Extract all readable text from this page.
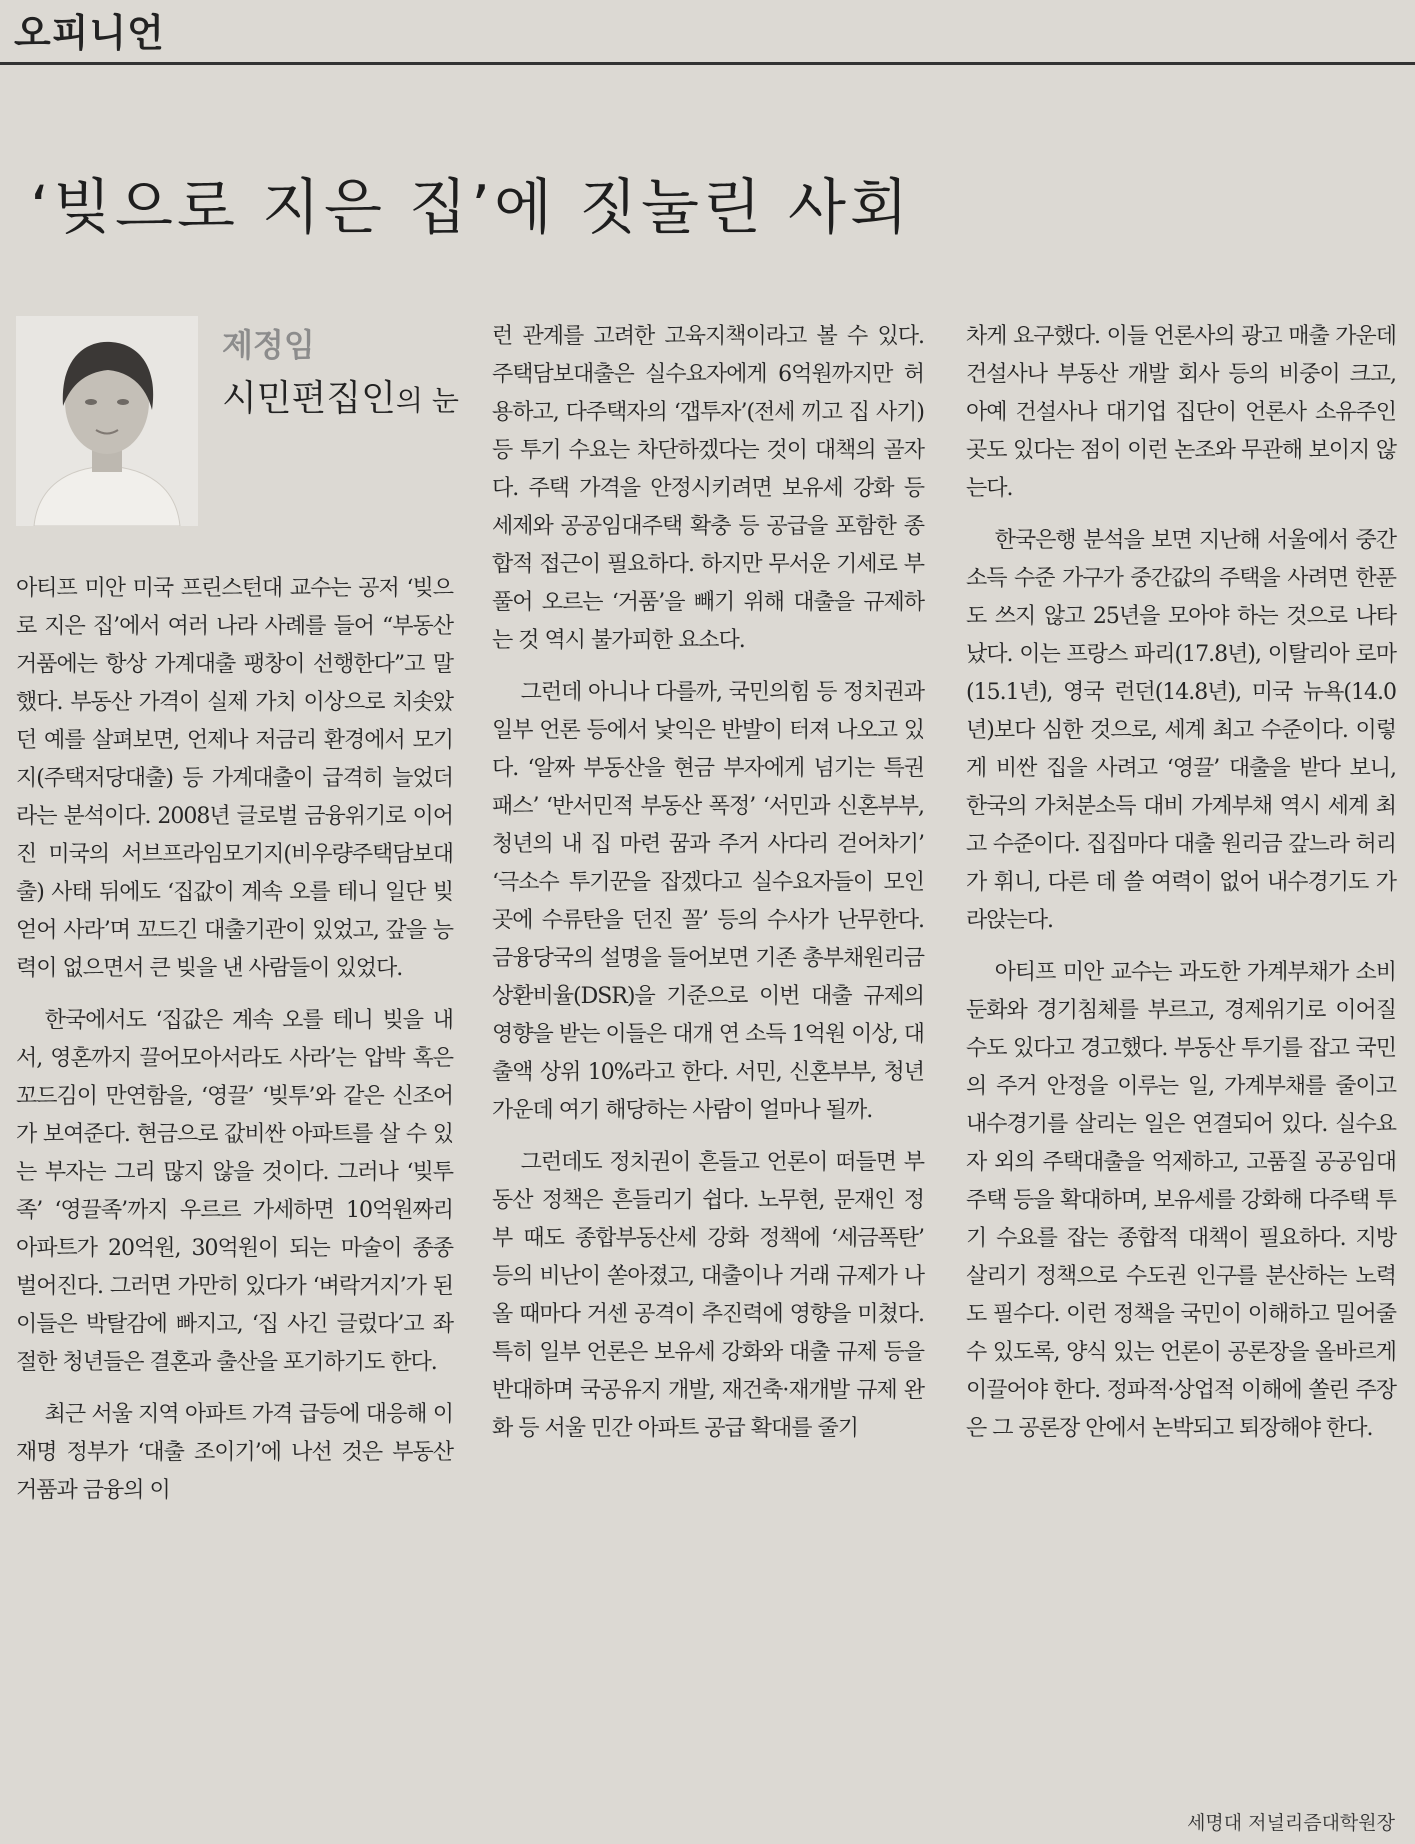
오피니언
‘빚으로 지은 집’에 짓눌린 사회
제정임
시민편집인의 눈

아티프 미안 미국 프린스턴대 교수는 공저 ‘빚으로 지은 집’에서 여러 나라 사례를 들어 “부동산 거품에는 항상 가계대출 팽창이 선행한다”고 말했다. 부동산 가격이 실제 가치 이상으로 치솟았던 예를 살펴보면, 언제나 저금리 환경에서 모기지(주택저당대출) 등 가계대출이 급격히 늘었더라는 분석이다. 2008년 글로벌 금융위기로 이어진 미국의 서브프라임모기지(비우량주택담보대출) 사태 뒤에도 ‘집값이 계속 오를 테니 일단 빚 얻어 사라’며 꼬드긴 대출기관이 있었고, 갚을 능력이 없으면서 큰 빚을 낸 사람들이 있었다.

한국에서도 ‘집값은 계속 오를 테니 빚을 내서, 영혼까지 끌어모아서라도 사라’는 압박 혹은 꼬드김이 만연함을, ‘영끌’ ‘빚투’와 같은 신조어가 보여준다. 현금으로 값비싼 아파트를 살 수 있는 부자는 그리 많지 않을 것이다. 그러나 ‘빚투족’ ‘영끌족’까지 우르르 가세하면 10억원짜리 아파트가 20억원, 30억원이 되는 마술이 종종 벌어진다. 그러면 가만히 있다가 ‘벼락거지’가 된 이들은 박탈감에 빠지고, ‘집 사긴 글렀다’고 좌절한 청년들은 결혼과 출산을 포기하기도 한다.

최근 서울 지역 아파트 가격 급등에 대응해 이재명 정부가 ‘대출 조이기’에 나선 것은 부동산 거품과 금융의 이

런 관계를 고려한 고육지책이라고 볼 수 있다. 주택담보대출은 실수요자에게 6억원까지만 허용하고, 다주택자의 ‘갭투자’(전세 끼고 집 사기) 등 투기 수요는 차단하겠다는 것이 대책의 골자다. 주택 가격을 안정시키려면 보유세 강화 등 세제와 공공임대주택 확충 등 공급을 포함한 종합적 접근이 필요하다. 하지만 무서운 기세로 부풀어 오르는 ‘거품’을 빼기 위해 대출을 규제하는 것 역시 불가피한 요소다.

그런데 아니나 다를까, 국민의힘 등 정치권과 일부 언론 등에서 낯익은 반발이 터져 나오고 있다. ‘알짜 부동산을 현금 부자에게 넘기는 특권 패스’ ‘반서민적 부동산 폭정’ ‘서민과 신혼부부, 청년의 내 집 마련 꿈과 주거 사다리 걷어차기’ ‘극소수 투기꾼을 잡겠다고 실수요자들이 모인 곳에 수류탄을 던진 꼴’ 등의 수사가 난무한다. 금융당국의 설명을 들어보면 기존 총부채원리금상환비율(DSR)을 기준으로 이번 대출 규제의 영향을 받는 이들은 대개 연 소득 1억원 이상, 대출액 상위 10%라고 한다. 서민, 신혼부부, 청년 가운데 여기 해당하는 사람이 얼마나 될까.

그런데도 정치권이 흔들고 언론이 떠들면 부동산 정책은 흔들리기 쉽다. 노무현, 문재인 정부 때도 종합부동산세 강화 정책에 ‘세금폭탄’ 등의 비난이 쏟아졌고, 대출이나 거래 규제가 나올 때마다 거센 공격이 추진력에 영향을 미쳤다. 특히 일부 언론은 보유세 강화와 대출 규제 등을 반대하며 국공유지 개발, 재건축·재개발 규제 완화 등 서울 민간 아파트 공급 확대를 줄기

차게 요구했다. 이들 언론사의 광고 매출 가운데 건설사나 부동산 개발 회사 등의 비중이 크고, 아예 건설사나 대기업 집단이 언론사 소유주인 곳도 있다는 점이 이런 논조와 무관해 보이지 않는다.

한국은행 분석을 보면 지난해 서울에서 중간소득 수준 가구가 중간값의 주택을 사려면 한푼도 쓰지 않고 25년을 모아야 하는 것으로 나타났다. 이는 프랑스 파리(17.8년), 이탈리아 로마(15.1년), 영국 런던(14.8년), 미국 뉴욕(14.0년)보다 심한 것으로, 세계 최고 수준이다. 이렇게 비싼 집을 사려고 ‘영끌’ 대출을 받다 보니, 한국의 가처분소득 대비 가계부채 역시 세계 최고 수준이다. 집집마다 대출 원리금 갚느라 허리가 휘니, 다른 데 쓸 여력이 없어 내수경기도 가라앉는다.

아티프 미안 교수는 과도한 가계부채가 소비 둔화와 경기침체를 부르고, 경제위기로 이어질 수도 있다고 경고했다. 부동산 투기를 잡고 국민의 주거 안정을 이루는 일, 가계부채를 줄이고 내수경기를 살리는 일은 연결되어 있다. 실수요자 외의 주택대출을 억제하고, 고품질 공공임대주택 등을 확대하며, 보유세를 강화해 다주택 투기 수요를 잡는 종합적 대책이 필요하다. 지방 살리기 정책으로 수도권 인구를 분산하는 노력도 필수다. 이런 정책을 국민이 이해하고 밀어줄 수 있도록, 양식 있는 언론이 공론장을 올바르게 이끌어야 한다. 정파적·상업적 이해에 쏠린 주장은 그 공론장 안에서 논박되고 퇴장해야 한다.

세명대 저널리즘대학원장
